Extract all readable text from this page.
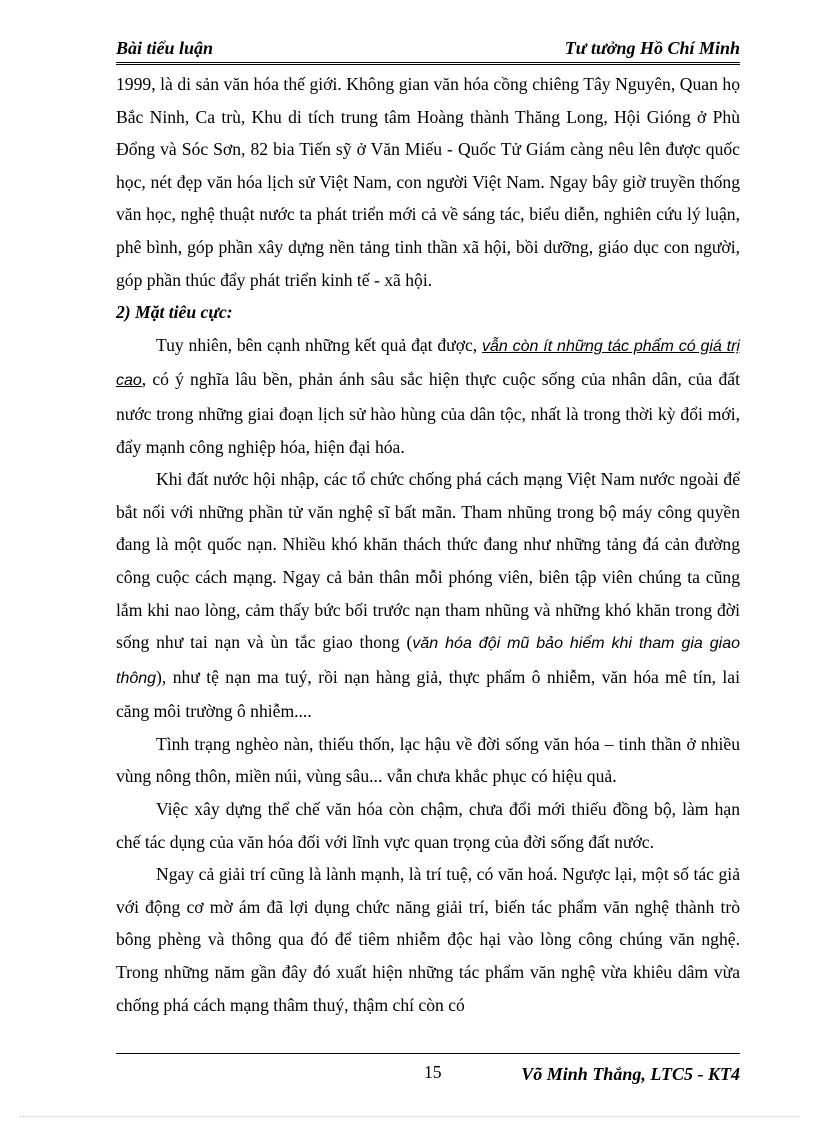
Bài tiểu luận	Tư tưởng Hồ Chí Minh

1999, là di sản văn hóa thế giới. Không gian văn hóa cồng chiêng Tây Nguyên, Quan họ Bắc Ninh, Ca trù, Khu di tích trung tâm Hoàng thành Thăng Long, Hội Gióng ở Phù Đổng và Sóc Sơn, 82 bia Tiến sỹ ở Văn Miếu - Quốc Tử Giám càng nêu lên được quốc học, nét đẹp văn hóa lịch sử Việt Nam, con người Việt Nam. Ngay bây giờ truyền thống văn học, nghệ thuật nước ta phát triển mới cả về sáng tác, biểu diễn, nghiên cứu lý luận, phê bình, góp phần xây dựng nền tảng tinh thần xã hội, bồi dưỡng, giáo dục con người, góp phần thúc đẩy phát triển kinh tế - xã hội.

2) Mặt tiêu cực:

Tuy nhiên, bên cạnh những kết quả đạt được, vẫn còn ít những tác phẩm có giá trị cao, có ý nghĩa lâu bền, phản ánh sâu sắc hiện thực cuộc sống của nhân dân, của đất nước trong những giai đoạn lịch sử hào hùng của dân tộc, nhất là trong thời kỳ đổi mới, đẩy mạnh công nghiệp hóa, hiện đại hóa.

Khi đất nước hội nhập, các tổ chức chống phá cách mạng Việt Nam nước ngoài để bắt nối với những phần tử văn nghệ sĩ bất mãn. Tham nhũng trong bộ máy công quyền đang là một quốc nạn. Nhiều khó khăn thách thức đang như những tảng đá cản đường công cuộc cách mạng. Ngay cả bản thân mỗi phóng viên, biên tập viên chúng ta cũng lắm khi nao lòng, cảm thấy bức bối trước nạn tham nhũng và những khó khăn trong đời sống như tai nạn và ùn tắc giao thong (văn hóa đội mũ bảo hiểm khi tham gia giao thông), như tệ nạn ma tuý, rồi nạn hàng giả, thực phẩm ô nhiễm, văn hóa mê tín, lai căng môi trường ô nhiễm....

Tình trạng nghèo nàn, thiếu thốn, lạc hậu về đời sống văn hóa – tinh thần ở nhiều vùng nông thôn, miền núi, vùng sâu... vẫn chưa khắc phục có hiệu quả.

Việc xây dựng thể chế văn hóa còn chậm, chưa đổi mới thiếu đồng bộ, làm hạn chế tác dụng của văn hóa đối với lĩnh vực quan trọng của đời sống đất nước.

Ngay cả giải trí cũng là lành mạnh, là trí tuệ, có văn hoá. Ngược lại, một số tác giả với động cơ mờ ám đã lợi dụng chức năng giải trí, biến tác phẩm văn nghệ thành trò bông phèng và thông qua đó để tiêm nhiễm độc hại vào lòng công chúng văn nghệ. Trong những năm gần đây đó xuất hiện những tác phẩm văn nghệ vừa khiêu dâm vừa chống phá cách mạng thâm thuý, thậm chí còn có

15	Võ Minh Thắng, LTC5 - KT4
